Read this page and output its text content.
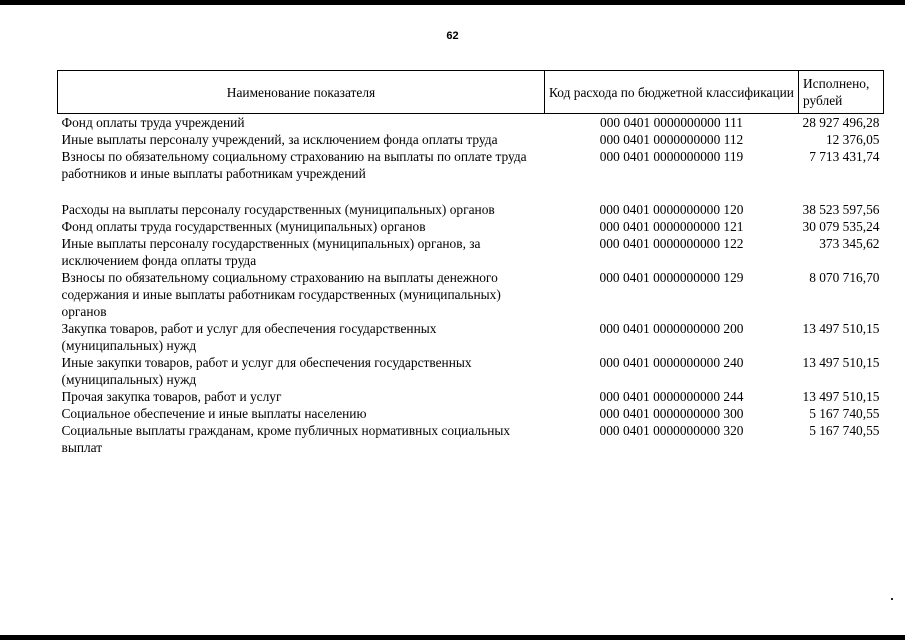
62
Наименование показателя	Код расхода по бюджетной классификации	Исполнено, рублей
Фонд оплаты труда учреждений	000 0401 0000000000 111	28 927 496,28
Иные выплаты персоналу учреждений, за исключением фонда оплаты труда	000 0401 0000000000 112	12 376,05
Взносы по обязательному социальному страхованию на выплаты по оплате труда работников и иные выплаты работникам учреждений	000 0401 0000000000 119	7 713 431,74

Расходы на выплаты персоналу государственных (муниципальных) органов	000 0401 0000000000 120	38 523 597,56
Фонд оплаты труда государственных (муниципальных) органов	000 0401 0000000000 121	30 079 535,24
Иные выплаты персоналу государственных (муниципальных) органов, за исключением фонда оплаты труда	000 0401 0000000000 122	373 345,62
Взносы по обязательному социальному страхованию на выплаты денежного содержания и иные выплаты работникам государственных (муниципальных) органов	000 0401 0000000000 129	8 070 716,70
Закупка товаров, работ и услуг для обеспечения государственных (муниципальных) нужд	000 0401 0000000000 200	13 497 510,15
Иные закупки товаров, работ и услуг для обеспечения государственных (муниципальных) нужд	000 0401 0000000000 240	13 497 510,15
Прочая закупка товаров, работ и услуг	000 0401 0000000000 244	13 497 510,15
Социальное обеспечение и иные выплаты населению	000 0401 0000000000 300	5 167 740,55
Социальные выплаты гражданам, кроме публичных нормативных социальных выплат	000 0401 0000000000 320	5 167 740,55
